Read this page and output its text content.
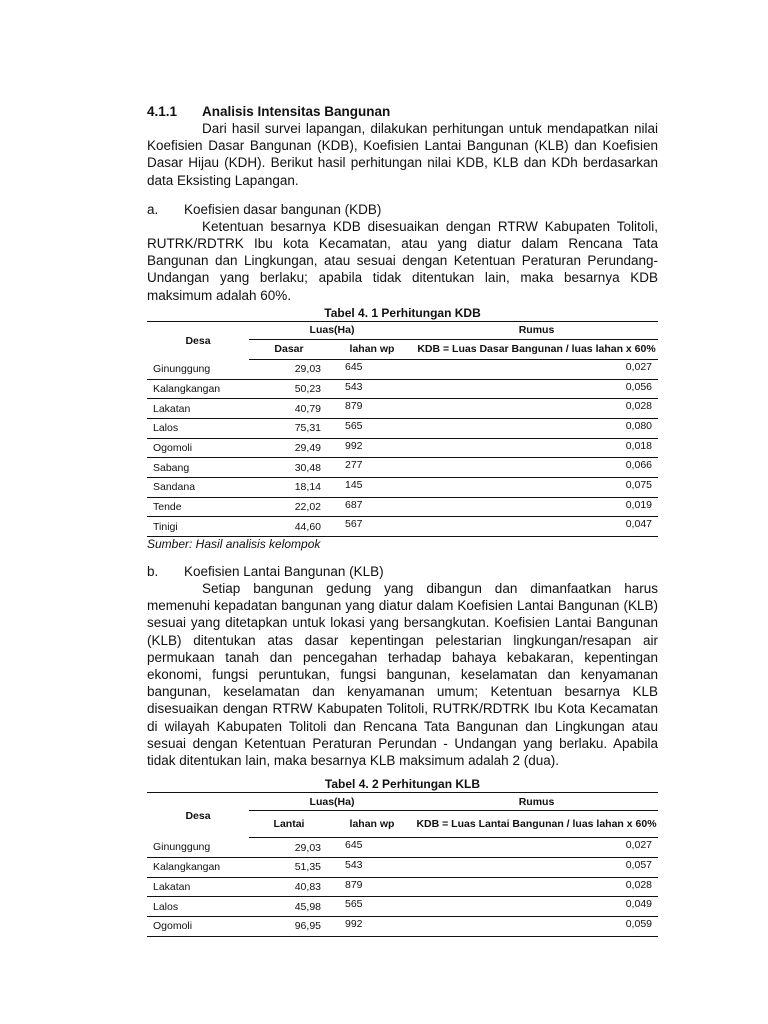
4.1.1	Analisis Intensitas Bangunan

Dari hasil survei lapangan, dilakukan perhitungan untuk mendapatkan nilai Koefisien Dasar Bangunan (KDB), Koefisien Lantai Bangunan (KLB) dan Koefisien Dasar Hijau (KDH). Berikut hasil perhitungan nilai KDB, KLB dan KDh berdasarkan data Eksisting Lapangan.

a.	Koefisien dasar bangunan (KDB)

Ketentuan besarnya KDB disesuaikan dengan RTRW Kabupaten Tolitoli, RUTRK/RDTRK Ibu kota Kecamatan, atau yang diatur dalam Rencana Tata Bangunan dan Lingkungan, atau sesuai dengan Ketentuan Peraturan Perundang-Undangan yang berlaku; apabila tidak ditentukan lain, maka besarnya KDB maksimum adalah 60%.

Tabel 4. 1 Perhitungan KDB
Desa	Luas(Ha)		Rumus
	Dasar	lahan wp	KDB = Luas Dasar Bangunan / luas lahan x 60%
Ginunggung	29,03	645	0,027
Kalangkangan	50,23	543	0,056
Lakatan	40,79	879	0,028
Lalos	75,31	565	0,080
Ogomoli	29,49	992	0,018
Sabang	30,48	277	0,066
Sandana	18,14	145	0,075
Tende	22,02	687	0,019
Tinigi	44,60	567	0,047
Sumber: Hasil analisis kelompok
b.	Koefisien Lantai Bangunan (KLB)

Setiap bangunan gedung yang dibangun dan dimanfaatkan harus memenuhi kepadatan bangunan yang diatur dalam Koefisien Lantai Bangunan (KLB) sesuai yang ditetapkan untuk lokasi yang bersangkutan. Koefisien Lantai Bangunan (KLB) ditentukan atas dasar kepentingan pelestarian lingkungan/resapan air permukaan tanah dan pencegahan terhadap bahaya kebakaran, kepentingan ekonomi, fungsi peruntukan, fungsi bangunan, keselamatan dan kenyamanan bangunan, keselamatan dan kenyamanan umum; Ketentuan besarnya KLB disesuaikan dengan RTRW Kabupaten Tolitoli, RUTRK/RDTRK Ibu Kota Kecamatan di wilayah Kabupaten Tolitoli dan Rencana Tata Bangunan dan Lingkungan atau sesuai dengan Ketentuan Peraturan Perundan - Undangan yang berlaku. Apabila tidak ditentukan lain, maka besarnya KLB maksimum adalah 2 (dua).

Tabel 4. 2 Perhitungan KLB
Desa	Luas(Ha)		Rumus
	Lantai	lahan wp	KDB = Luas Lantai Bangunan / luas lahan x 60%
Ginunggung	29,03	645	0,027
Kalangkangan	51,35	543	0,057
Lakatan	40,83	879	0,028
Lalos	45,98	565	0,049
Ogomoli	96,95	992	0,059
